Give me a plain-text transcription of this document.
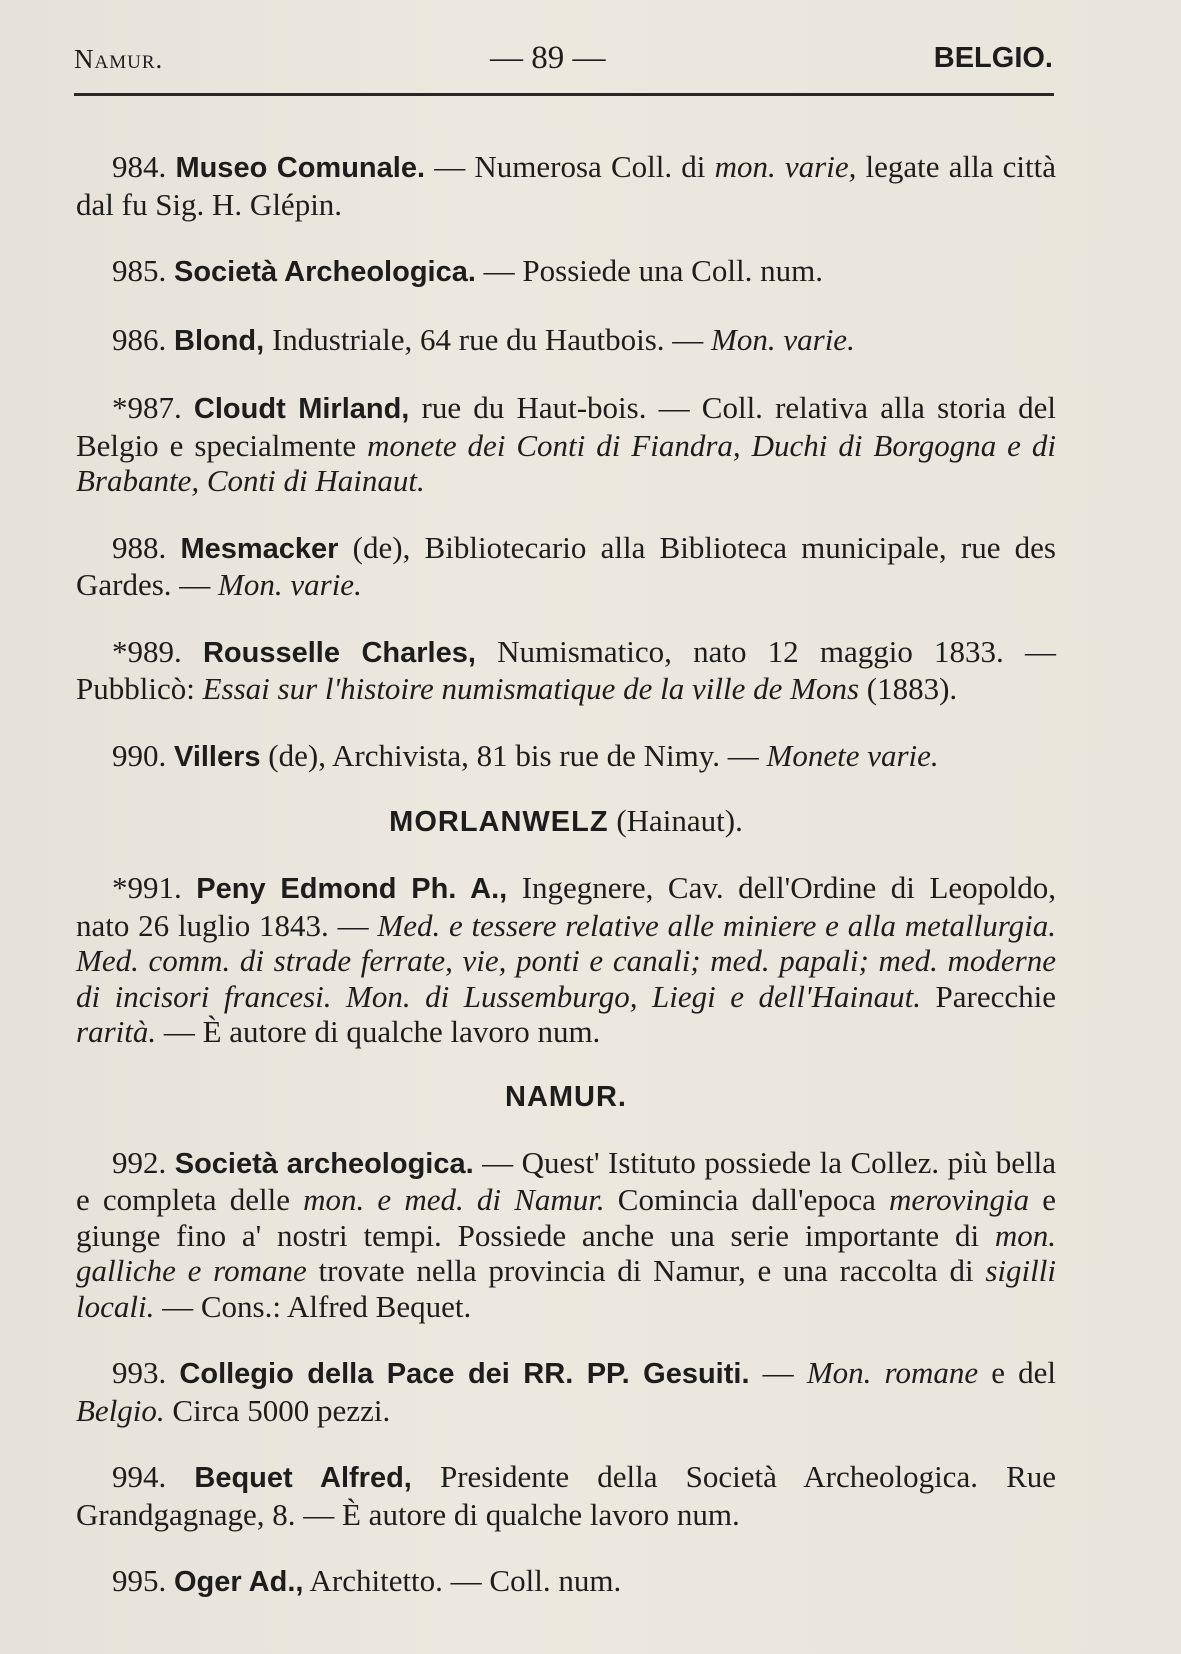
Namur.	— 89 —	BELGIO.

984. Museo Comunale. — Numerosa Coll. di mon. varie, legate alla città dal fu Sig. H. Glépin.

985. Società Archeologica. — Possiede una Coll. num.

986. Blond, Industriale, 64 rue du Hautbois. — Mon. varie.

*987. Cloudt Mirland, rue du Haut-bois. — Coll. relativa alla storia del Belgio e specialmente monete dei Conti di Fiandra, Duchi di Borgogna e di Brabante, Conti di Hainaut.

988. Mesmacker (de), Bibliotecario alla Biblioteca municipale, rue des Gardes. — Mon. varie.

*989. Rousselle Charles, Numismatico, nato 12 maggio 1833. — Pubblicò: Essai sur l'histoire numismatique de la ville de Mons (1883).

990. Villers (de), Archivista, 81 bis rue de Nimy. — Monete varie.

MORLANWELZ (Hainaut).

*991. Peny Edmond Ph. A., Ingegnere, Cav. dell'Ordine di Leopoldo, nato 26 luglio 1843. — Med. e tessere relative alle miniere e alla metallurgia. Med. comm. di strade ferrate, vie, ponti e canali; med. papali; med. moderne di incisori francesi. Mon. di Lussemburgo, Liegi e dell'Hainaut. Parecchie rarità. — È autore di qualche lavoro num.

NAMUR.

992. Società archeologica. — Quest' Istituto possiede la Collez. più bella e completa delle mon. e med. di Namur. Comincia dall'epoca merovingia e giunge fino a' nostri tempi. Possiede anche una serie importante di mon. galliche e romane trovate nella provincia di Namur, e una raccolta di sigilli locali. — Cons.: Alfred Bequet.

993. Collegio della Pace dei RR. PP. Gesuiti. — Mon. romane e del Belgio. Circa 5000 pezzi.

994. Bequet Alfred, Presidente della Società Archeologica. Rue Grandgagnage, 8. — È autore di qualche lavoro num.

995. Oger Ad., Architetto. — Coll. num.
